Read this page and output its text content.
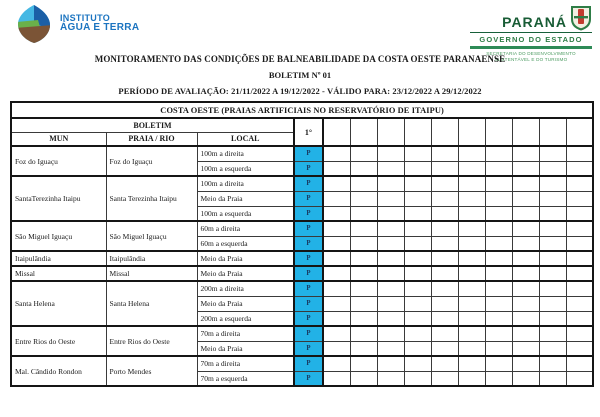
INSTITUTO
ÁGUA E TERRA	PARANÁ
GOVERNO DO ESTADO
SECRETARIA DO DESENVOLVIMENTO
SUSTENTÁVEL E DO TURISMO
MONITORAMENTO DAS CONDIÇÕES DE BALNEABILIDADE DA COSTA OESTE PARANAENSE
BOLETIM Nº 01
PERÍODO DE AVALIAÇÃO: 21/11/2022 A 19/12/2022 - VÁLIDO PARA: 23/12/2022 A 29/12/2022
COSTA OESTE (PRAIAS ARTIFICIAIS NO RESERVATÓRIO DE ITAIPU)													
BOLETIM			1°										
MUN	PRAIA / RIO	LOCAL											
Foz do Iguaçu	Foz do Iguaçu	100m a direita	P										
		100m a esquerda	P										
SantaTerezinha Itaipu	Santa Terezinha Itaipu	100m a direita	P										
		Meio da Praia	P										
		100m a esquerda	P										
São Miguel Iguaçu	São Miguel Iguaçu	60m a direita	P										
		60m a esquerda	P										
Itaipulândia	Itaipulândia	Meio da Praia	P										
Missal	Missal	Meio da Praia	P										
Santa Helena	Santa Helena	200m a direita	P										
		Meio da Praia	P										
		200m a esquerda	P										
Entre Rios do Oeste	Entre Rios do Oeste	70m a direita	P										
		Meio da Praia	P										
Mal. Cândido Rondon	Porto Mendes	70m a direita	P										
		70m a esquerda	P										
